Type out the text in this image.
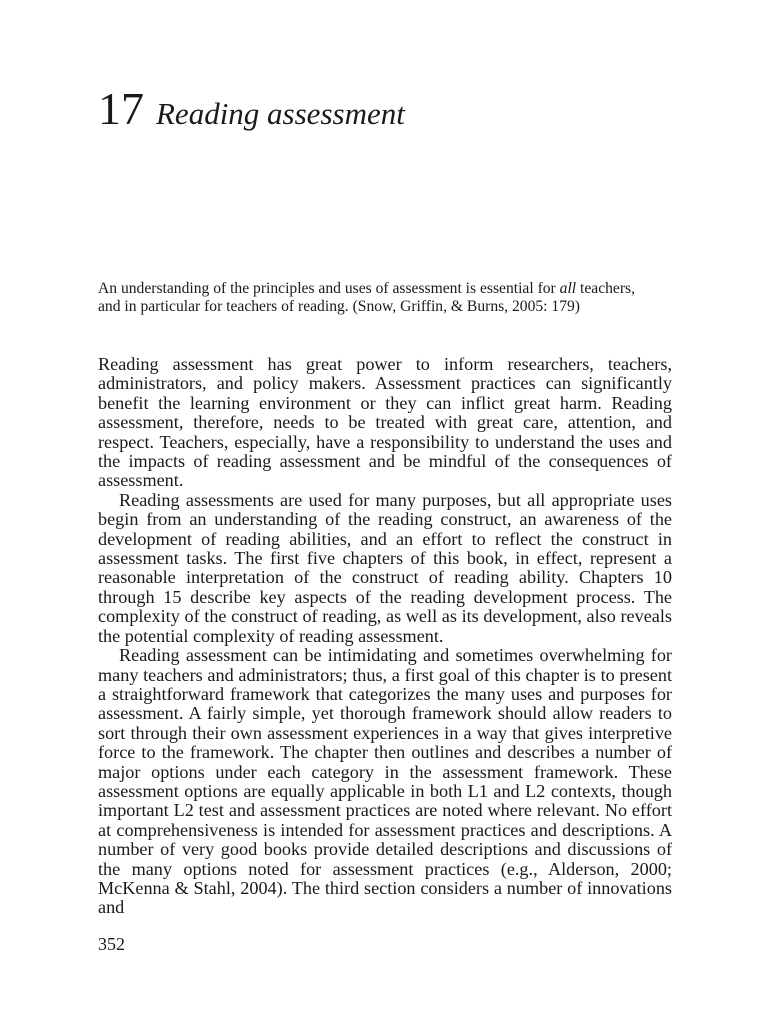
17 Reading assessment

An understanding of the principles and uses of assessment is essential for all teachers, and in particular for teachers of reading. (Snow, Griffin, & Burns, 2005: 179)

Reading assessment has great power to inform researchers, teachers, administrators, and policy makers. Assessment practices can significantly benefit the learning environment or they can inflict great harm. Reading assessment, therefore, needs to be treated with great care, attention, and respect. Teachers, especially, have a responsibility to understand the uses and the impacts of reading assessment and be mindful of the consequences of assessment.

Reading assessments are used for many purposes, but all appropriate uses begin from an understanding of the reading construct, an awareness of the development of reading abilities, and an effort to reflect the construct in assessment tasks. The first five chapters of this book, in effect, represent a reasonable interpretation of the construct of reading ability. Chapters 10 through 15 describe key aspects of the reading development process. The complexity of the construct of reading, as well as its development, also reveals the potential complexity of reading assessment.

Reading assessment can be intimidating and sometimes overwhelming for many teachers and administrators; thus, a first goal of this chapter is to present a straightforward framework that categorizes the many uses and purposes for assessment. A fairly simple, yet thorough framework should allow readers to sort through their own assessment experiences in a way that gives interpretive force to the framework. The chapter then outlines and describes a number of major options under each category in the assessment framework. These assessment options are equally applicable in both L1 and L2 contexts, though important L2 test and assessment practices are noted where relevant. No effort at comprehensiveness is intended for assessment practices and descriptions. A number of very good books provide detailed descriptions and discussions of the many options noted for assessment practices (e.g., Alderson, 2000; McKenna & Stahl, 2004). The third section considers a number of innovations and

352
